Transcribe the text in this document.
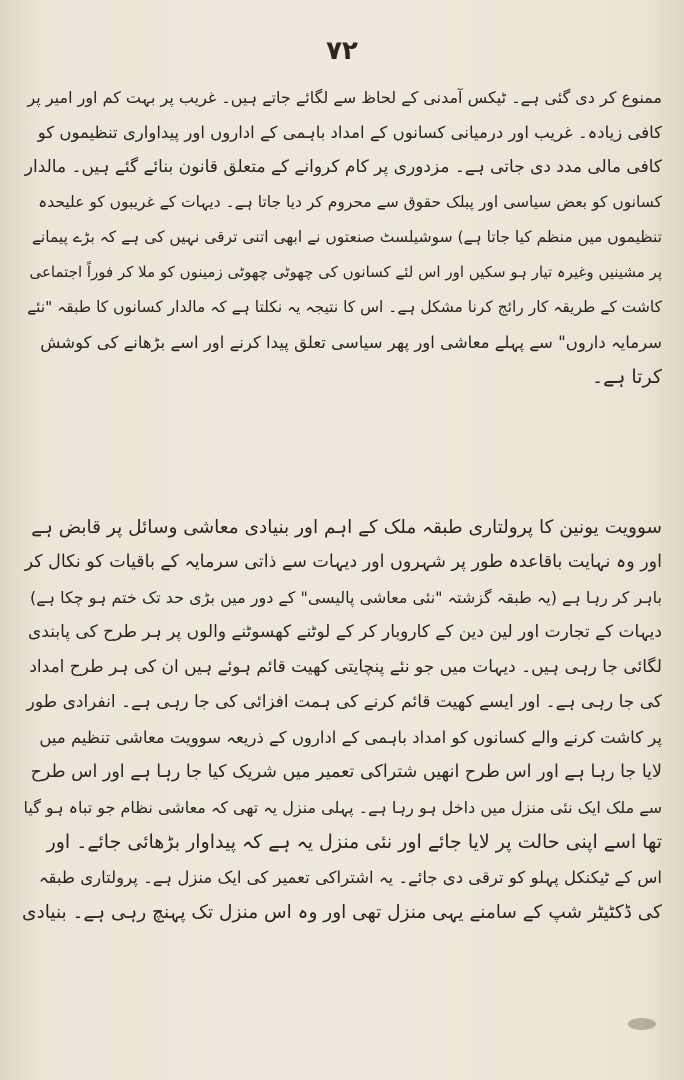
۷۲
ممنوع کر دی گئی ہے۔ ٹیکس آمدنی کے لحاظ سے لگائے جاتے ہیں۔ غریب پر بہت کم اور امیر پر
کافی زیادہ۔ غریب اور درمیانی کسانوں کے امداد باہمی کے اداروں اور پیداواری تنظیموں کو
کافی مالی مدد دی جاتی ہے۔ مزدوری پر کام کروانے کے متعلق قانون بنائے گئے ہیں۔ مالدار
کسانوں کو بعض سیاسی اور پبلک حقوق سے محروم کر دیا جاتا ہے۔ دیہات کے غریبوں کو علیحدہ
تنظیموں میں منظم کیا جاتا ہے) سوشیلسٹ صنعتوں نے ابھی اتنی ترقی نہیں کی ہے کہ بڑے پیمانے
پر مشینیں وغیرہ تیار ہو سکیں اور اس لئے کسانوں کی چھوٹی چھوٹی زمینوں کو ملا کر فوراً اجتماعی
کاشت کے طریقہ کار رائج کرنا مشکل ہے۔ اس کا نتیجہ یہ نکلتا ہے کہ مالدار کسانوں کا طبقہ "نئے
سرمایہ داروں" سے پہلے معاشی اور پھر سیاسی تعلق پیدا کرنے اور اسے بڑھانے کی کوشش
کرتا ہے۔
سوویت یونین کا پرولتاری طبقہ ملک کے اہم اور بنیادی معاشی وسائل پر قابض ہے
اور وہ نہایت باقاعدہ طور پر شہروں اور دیہات سے ذاتی سرمایہ کے باقیات کو نکال کر
باہر کر رہا ہے (یہ طبقہ گزشتہ "نئی معاشی پالیسی" کے دور میں بڑی حد تک ختم ہو چکا ہے)
دیہات کے تجارت اور لین دین کے کاروبار کر کے لوٹنے کھسوٹنے والوں پر ہر طرح کی پابندی
لگائی جا رہی ہیں۔ دیہات میں جو نئے پنچایتی کھیت قائم ہوئے ہیں ان کی ہر طرح امداد
کی جا رہی ہے۔ اور ایسے کھیت قائم کرنے کی ہمت افزائی کی جا رہی ہے۔ انفرادی طور
پر کاشت کرنے والے کسانوں کو امداد باہمی کے اداروں کے ذریعہ سوویت معاشی تنظیم میں
لایا جا رہا ہے اور اس طرح انھیں شتراکی تعمیر میں شریک کیا جا رہا ہے اور اس طرح
سے ملک ایک نئی منزل میں داخل ہو رہا ہے۔ پہلی منزل یہ تھی کہ معاشی نظام جو تباہ ہو گیا
تھا اسے اپنی حالت پر لایا جائے اور نئی منزل یہ ہے کہ پیداوار بڑھائی جائے۔ اور
اس کے ٹیکنکل پہلو کو ترقی دی جائے۔ یہ اشتراکی تعمیر کی ایک منزل ہے۔ پرولتاری طبقہ
کی ڈکٹیٹر شپ کے سامنے یہی منزل تھی اور وہ اس منزل تک پہنچ رہی ہے۔ بنیادی
